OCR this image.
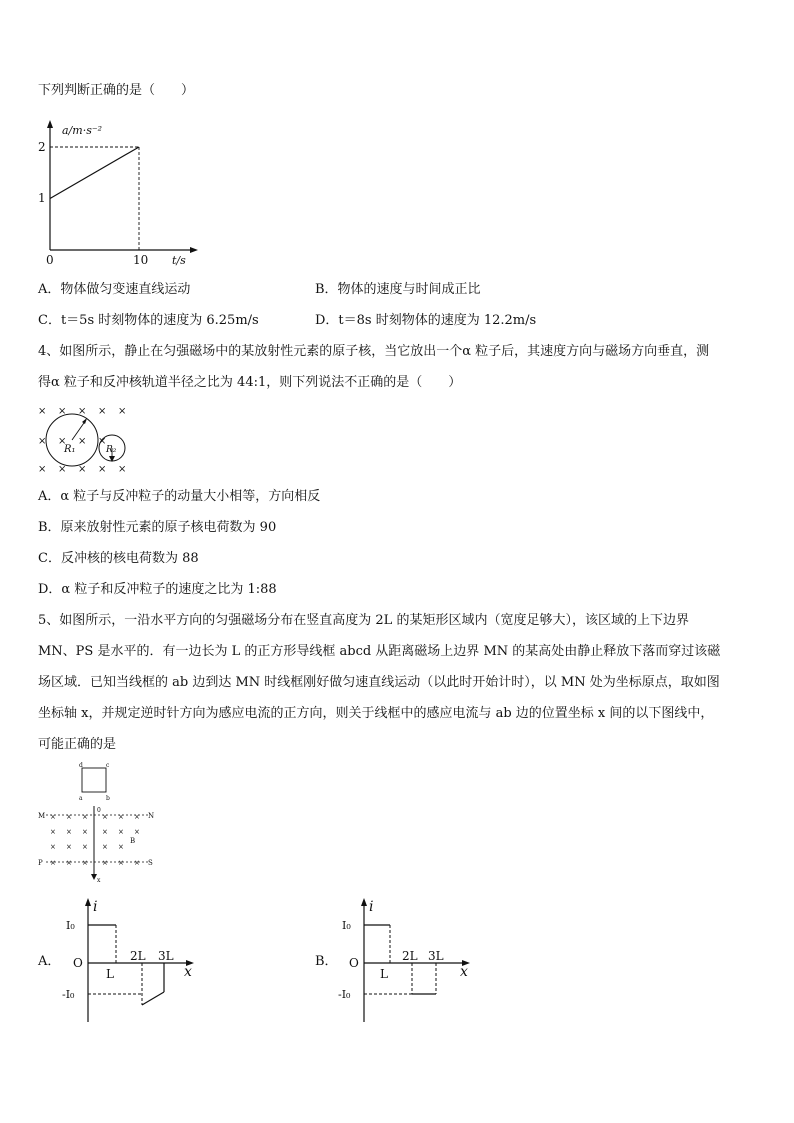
下列判断正确的是（　　）
a/m·s⁻²
2
1
0	10 t/s
A．物体做匀变速直线运动	B．物体的速度与时间成正比
C．t＝5s 时刻物体的速度为 6.25m/s	D．t＝8s 时刻物体的速度为 12.2m/s
4、如图所示，静止在匀强磁场中的某放射性元素的原子核，当它放出一个α 粒子后，其速度方向与磁场方向垂直，测
得α 粒子和反冲核轨道半径之比为 44:1，则下列说法不正确的是（　　）
× × × × ×
× × × ×
× × × × ×
R₁	R₂
A．α 粒子与反冲粒子的动量大小相等，方向相反
B．原来放射性元素的原子核电荷数为 90
C．反冲核的核电荷数为 88
D．α 粒子和反冲粒子的速度之比为 1:88
5、如图所示，一沿水平方向的匀强磁场分布在竖直高度为 2L 的某矩形区域内（宽度足够大），该区域的上下边界
MN、PS 是水平的．有一边长为 L 的正方形导线框 abcd 从距离磁场上边界 MN 的某高处由静止释放下落而穿过该磁
场区域．已知当线框的 ab 边到达 MN 时线框刚好做匀速直线运动（以此时开始计时），以 MN 处为坐标原点，取如图
坐标轴 x，并规定逆时针方向为感应电流的正方向，则关于线框中的感应电流与 ab 边的位置坐标 x 间的以下图线中，
可能正确的是
d	c
a	b
0
M	N
P	S
B
x
× × × × × ×
× × × × × ×
× × × × ×
× × × × × ×
A．
i
I₀
O
-I₀
L
2L 3L
x
B．
i
I₀
O
-I₀
L
2L 3L
x
